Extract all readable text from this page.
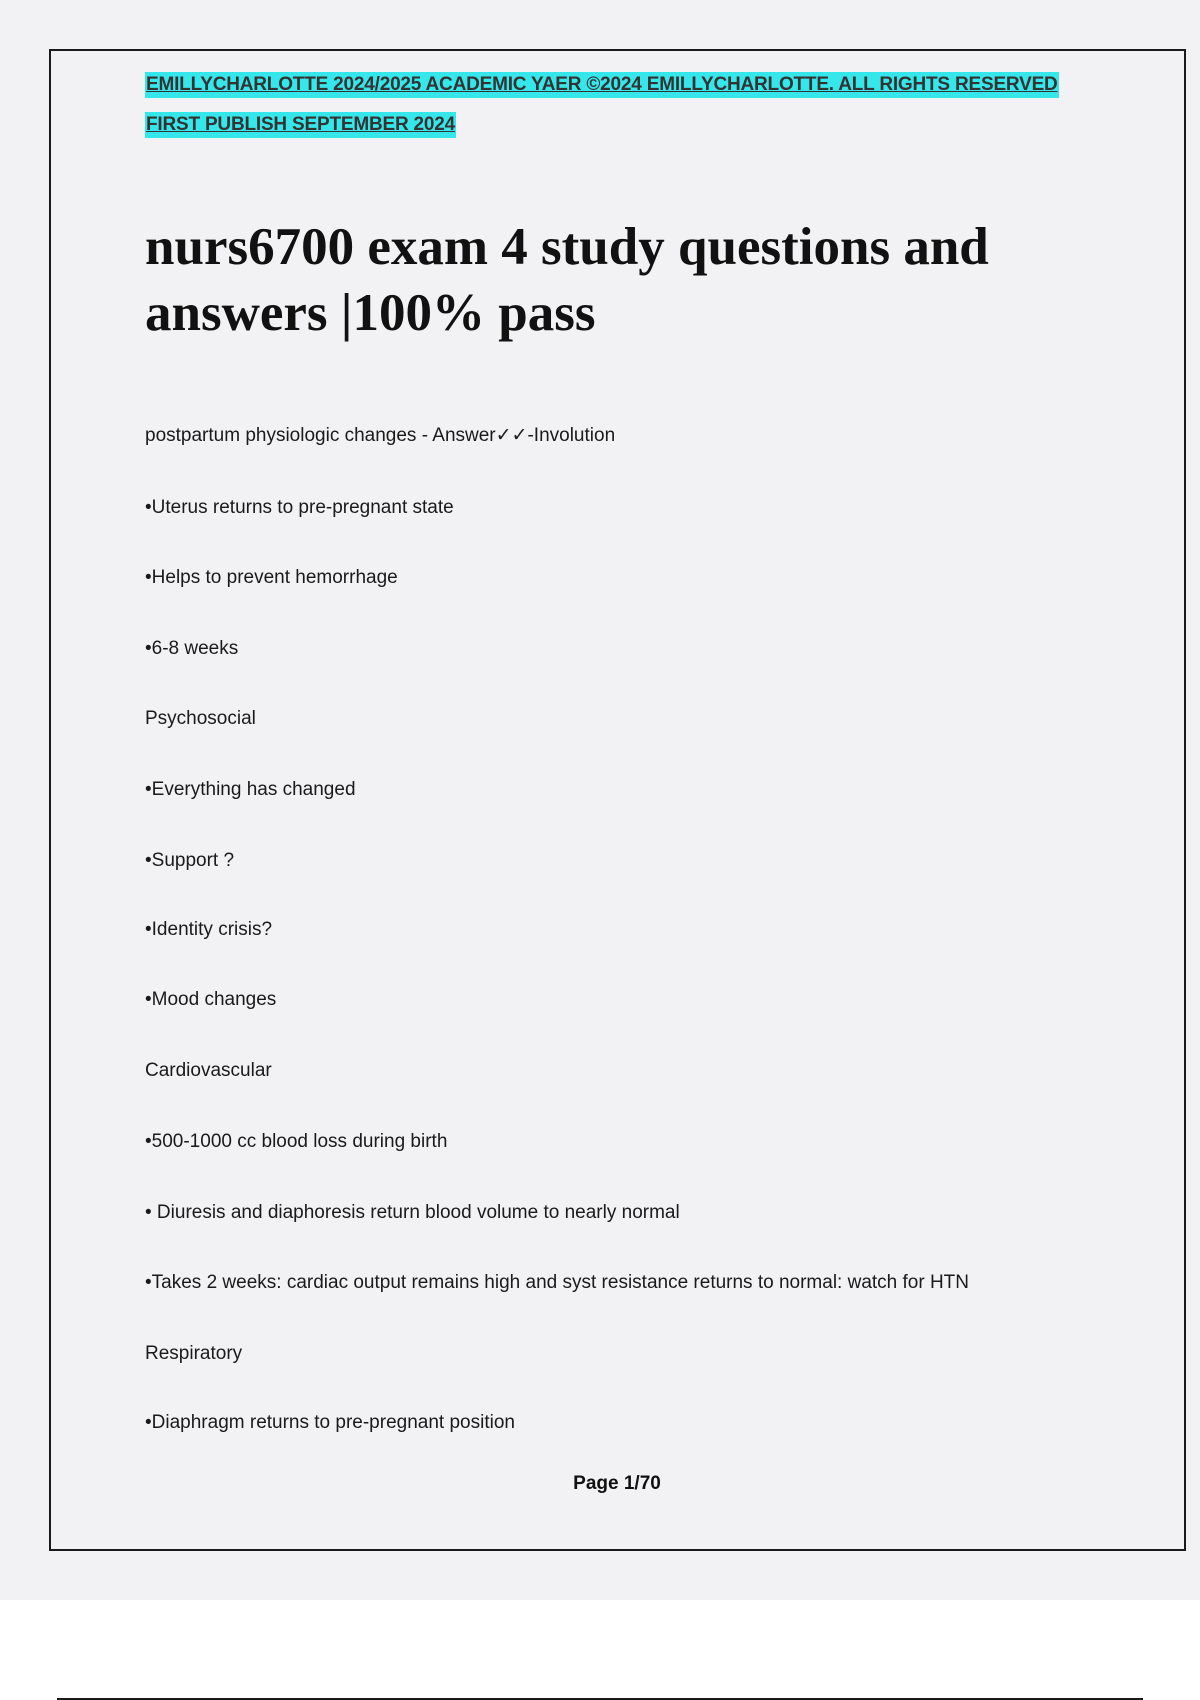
EMILLYCHARLOTTE 2024/2025 ACADEMIC YAER ©2024 EMILLYCHARLOTTE. ALL RIGHTS RESERVED
FIRST PUBLISH SEPTEMBER 2024
nurs6700 exam 4 study questions and
answers |100% pass
postpartum physiologic changes - Answer✓✓-Involution
•Uterus returns to pre-pregnant state
•Helps to prevent hemorrhage
•6-8 weeks
Psychosocial
•Everything has changed
•Support ?
•Identity crisis?
•Mood changes
Cardiovascular
•500-1000 cc blood loss during birth
• Diuresis and diaphoresis return blood volume to nearly normal
•Takes 2 weeks: cardiac output remains high and syst resistance returns to normal: watch for HTN
Respiratory
•Diaphragm returns to pre-pregnant position
Page 1/70
